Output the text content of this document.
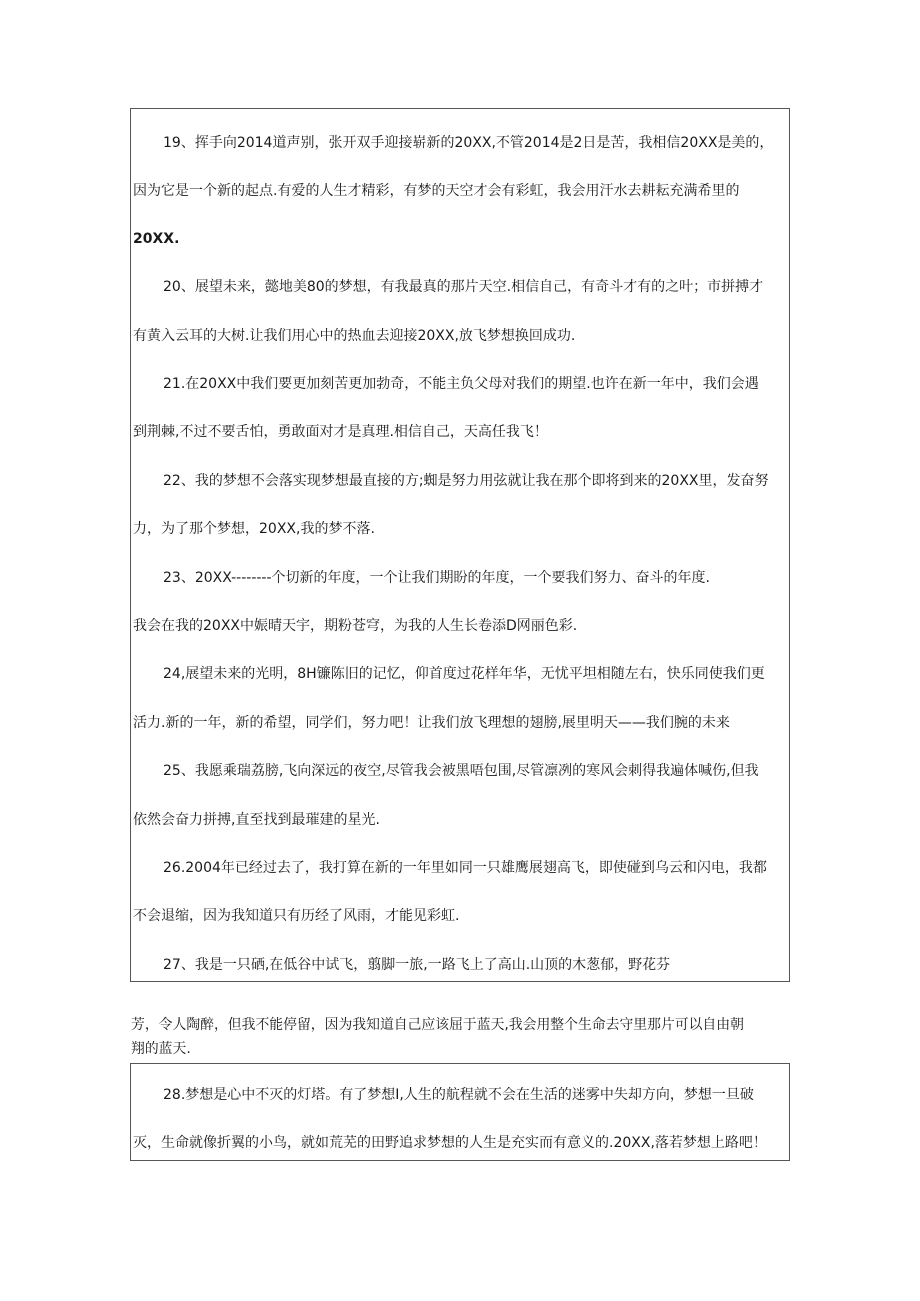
19、挥手向2014道声别，张开双手迎接崭新的20XX,不管2014是2日是苦，我相信20XX是美的，
因为它是一个新的起点.有爱的人生才精彩，有梦的天空才会有彩虹，我会用汗水去耕耘充满希里的
20XX.
20、展望未来，懿地美80的梦想，有我最真的那片天空.相信自己，有奇斗才有的之叶；市拼搏才
有黄入云耳的大树.让我们用心中的热血去迎接20XX,放飞梦想换回成功.
21.在20XX中我们要更加刻苦更加勃奇，不能主负父母对我们的期望.也许在新一年中，我们会遇
到荆棘,不过不要舌怕，勇敢面对才是真理.相信自己，天高任我飞！
22、我的梦想不会落实现梦想最直接的方;蜘是努力用弦就让我在那个即将到来的20XX里，发奋努
力，为了那个梦想，20XX,我的梦不落.
23、20XX--------个切新的年度，一个让我们期盼的年度，一个要我们努力、奋斗的年度.
我会在我的20XX中娠晴天宇，期粉苍穹，为我的人生长卷添D网丽色彩.
24,展望未来的光明，8H镰陈旧的记忆，仰首度过花样年华，无忧平坦相随左右，快乐同使我们更
活力.新的一年，新的希望，同学们，努力吧！让我们放飞理想的翅膀,展里明天——我们腕的未来
25、我愿乘瑞荔膀,飞向深远的夜空,尽管我会被黑唔包围,尽管凛冽的寒风会刺得我遍体喊伤,但我
依然会奋力拼搏,直至找到最璀建的星光.
26.2004年已经过去了，我打算在新的一年里如同一只雄鹰展翅高飞，即使碰到乌云和闪电，我都
不会退缩，因为我知道只有历经了风雨，才能见彩虹.
27、我是一只硒,在低谷中试飞，翦脚一旅,一路飞上了高山.山顶的木葱郁，野花芬
芳，令人陶醉，但我不能停留，因为我知道自己应该屈于蓝天,我会用整个生命去守里那片可以自由朝
翔的蓝天.
28.梦想是心中不灭的灯塔。有了梦想I,人生的航程就不会在生活的迷雾中失却方向，梦想一旦破
灭，生命就像折翼的小鸟，就如荒芜的田野追求梦想的人生是充实而有意义的.20XX,落若梦想上路吧！
